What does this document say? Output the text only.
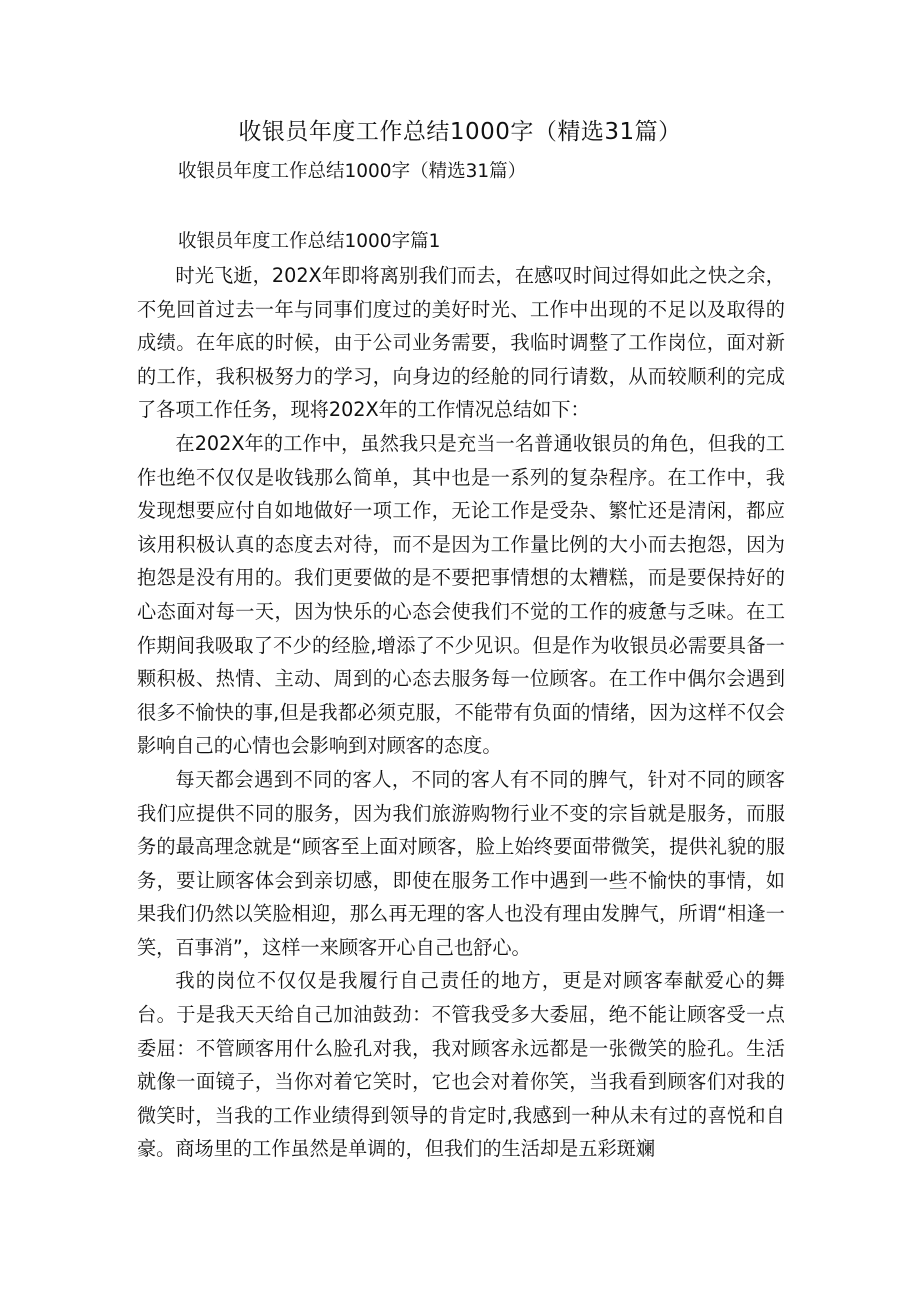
收银员年度工作总结1000字（精选31篇）
收银员年度工作总结1000字（精选31篇）
收银员年度工作总结1000字篇1

时光飞逝，202X年即将离别我们而去，在感叹时间过得如此之快之余，不免回首过去一年与同事们度过的美好时光、工作中出现的不足以及取得的成绩。在年底的时候，由于公司业务需要，我临时调整了工作岗位，面对新的工作，我积极努力的学习，向身边的经舱的同行请数，从而较顺利的完成了各项工作任务，现将202X年的工作情况总结如下：

在202X年的工作中，虽然我只是充当一名普通收银员的角色，但我的工作也绝不仅仅是收钱那么简单，其中也是一系列的复杂程序。在工作中，我发现想要应付自如地做好一项工作，无论工作是受杂、繁忙还是清闲，都应该用积极认真的态度去对待，而不是因为工作量比例的大小而去抱怨，因为抱怨是没有用的。我们更要做的是不要把事情想的太糟糕，而是要保持好的心态面对每一天，因为快乐的心态会使我们不觉的工作的疲惫与乏味。在工作期间我吸取了不少的经脸,增添了不少见识。但是作为收银员必需要具备一颗积极、热情、主动、周到的心态去服务每一位顾客。在工作中偶尔会遇到很多不愉快的事,但是我都必须克服，不能带有负面的情绪，因为这样不仅会影响自己的心情也会影响到对顾客的态度。

每天都会遇到不同的客人，不同的客人有不同的脾气，针对不同的顾客我们应提供不同的服务，因为我们旅游购物行业不变的宗旨就是服务，而服务的最高理念就是“顾客至上面对顾客，脸上始终要面带微笑，提供礼貌的服务，要让顾客体会到亲切感，即使在服务工作中遇到一些不愉快的事情，如果我们仍然以笑脸相迎，那么再无理的客人也没有理由发脾气，所谓“相逢一笑，百事消”，这样一来顾客开心自己也舒心。

我的岗位不仅仅是我履行自己责任的地方，更是对顾客奉献爱心的舞台。于是我天天给自己加油鼓劲：不管我受多大委屈，绝不能让顾客受一点委屈：不管顾客用什么脸孔对我，我对顾客永远都是一张微笑的脸孔。生活就像一面镜子，当你对着它笑时，它也会对着你笑，当我看到顾客们对我的微笑时，当我的工作业绩得到领导的肯定时,我感到一种从未有过的喜悦和自豪。商场里的工作虽然是单调的，但我们的生活却是五彩斑斓
